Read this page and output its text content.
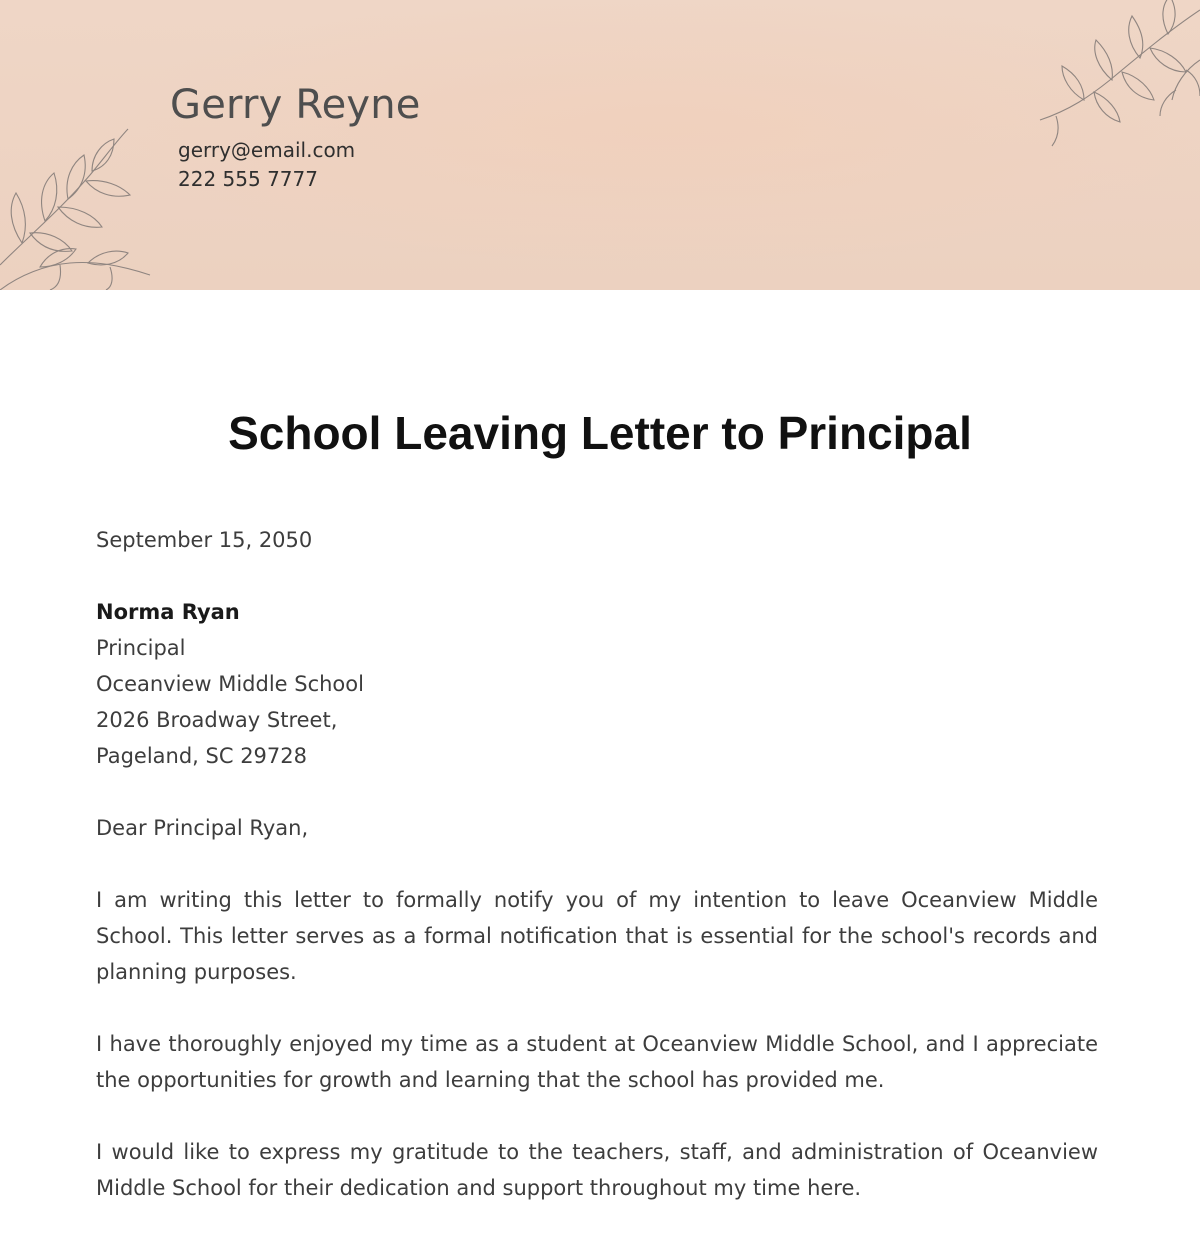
Gerry Reyne
gerry@email.com
222 555 7777
School Leaving Letter to Principal
September 15, 2050
Norma Ryan
Principal
Oceanview Middle School
2026 Broadway Street,
Pageland, SC 29728
Dear Principal Ryan,

I am writing this letter to formally notify you of my intention to leave Oceanview Middle School. This letter serves as a formal notification that is essential for the school's records and planning purposes.

I have thoroughly enjoyed my time as a student at Oceanview Middle School, and I appreciate the opportunities for growth and learning that the school has provided me.

I would like to express my gratitude to the teachers, staff, and administration of Oceanview Middle School for their dedication and support throughout my time here.
